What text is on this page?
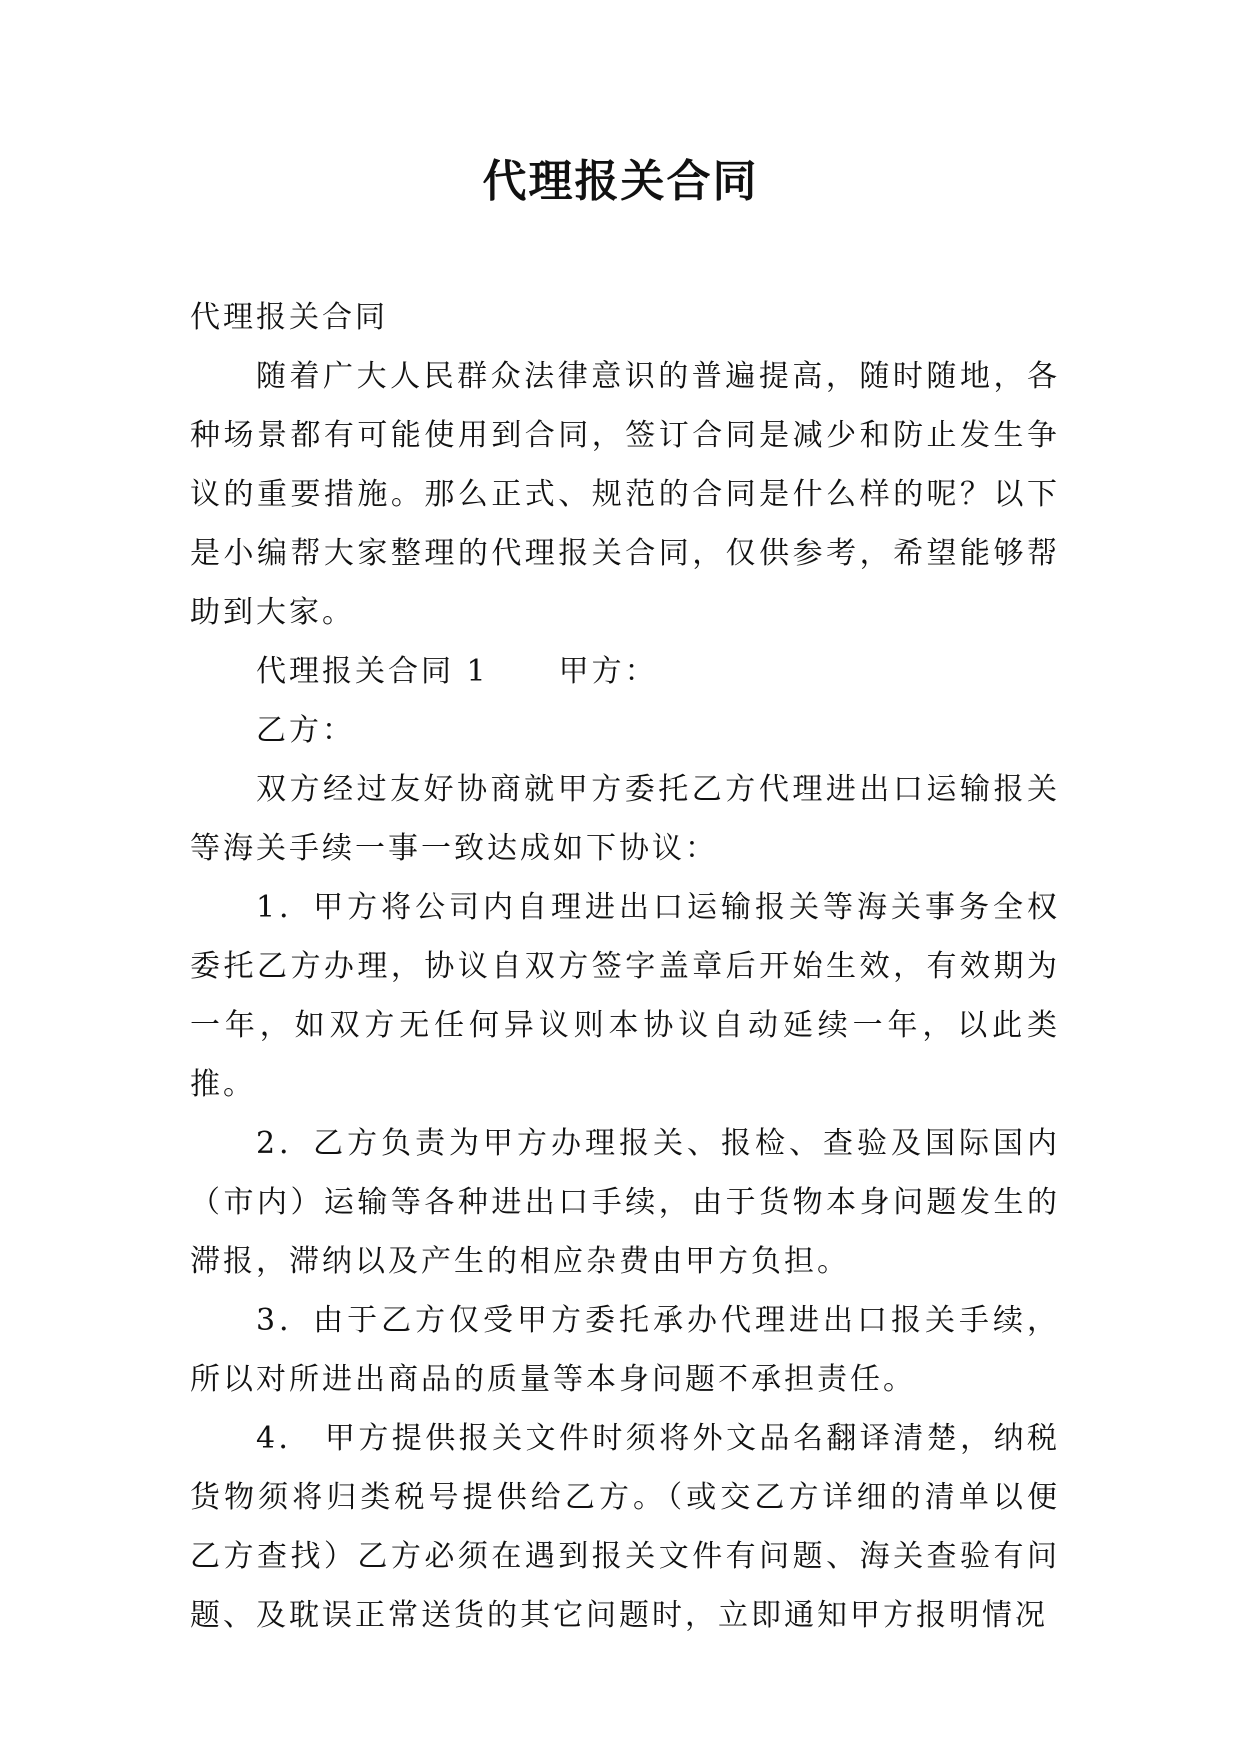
代理报关合同

代理报关合同

随着广大人民群众法律意识的普遍提高，随时随地，各种场景都有可能使用到合同，签订合同是减少和防止发生争议的重要措施。那么正式、规范的合同是什么样的呢？以下是小编帮大家整理的代理报关合同，仅供参考，希望能够帮助到大家。

代理报关合同 1 甲方：

乙方：

双方经过友好协商就甲方委托乙方代理进出口运输报关等海关手续一事一致达成如下协议：

1．甲方将公司内自理进出口运输报关等海关事务全权委托乙方办理，协议自双方签字盖章后开始生效，有效期为一年，如双方无任何异议则本协议自动延续一年，以此类推。

2．乙方负责为甲方办理报关、报检、查验及国际国内（市内）运输等各种进出口手续，由于货物本身问题发生的滞报，滞纳以及产生的相应杂费由甲方负担。

3．由于乙方仅受甲方委托承办代理进出口报关手续，所以对所进出商品的质量等本身问题不承担责任。

4． 甲方提供报关文件时须将外文品名翻译清楚，纳税货物须将归类税号提供给乙方。（或交乙方详细的清单以便乙方查找）乙方必须在遇到报关文件有问题、海关查验有问题、及耽误正常送货的其它问题时，立即通知甲方报明情况
